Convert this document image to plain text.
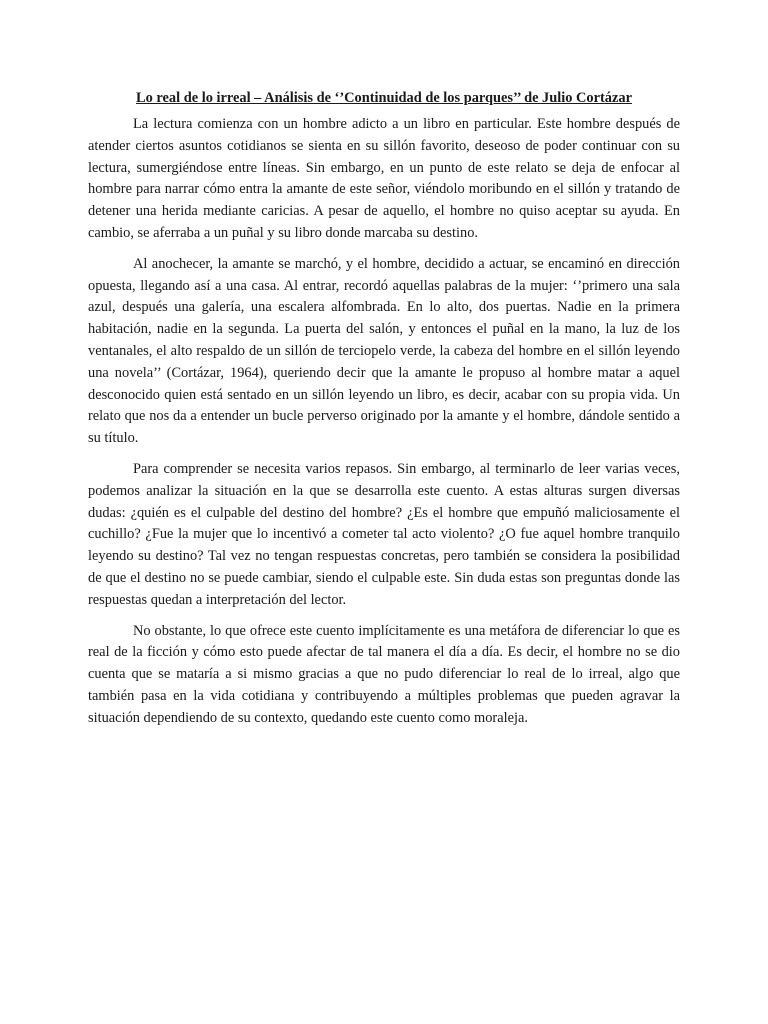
Lo real de lo irreal – Análisis de ‘’Continuidad de los parques’’ de Julio Cortázar

La lectura comienza con un hombre adicto a un libro en particular. Este hombre después de atender ciertos asuntos cotidianos se sienta en su sillón favorito, deseoso de poder continuar con su lectura, sumergiéndose entre líneas. Sin embargo, en un punto de este relato se deja de enfocar al hombre para narrar cómo entra la amante de este señor, viéndolo moribundo en el sillón y tratando de detener una herida mediante caricias. A pesar de aquello, el hombre no quiso aceptar su ayuda. En cambio, se aferraba a un puñal y su libro donde marcaba su destino.

Al anochecer, la amante se marchó, y el hombre, decidido a actuar, se encaminó en dirección opuesta, llegando así a una casa. Al entrar, recordó aquellas palabras de la mujer: ‘’primero una sala azul, después una galería, una escalera alfombrada. En lo alto, dos puertas. Nadie en la primera habitación, nadie en la segunda. La puerta del salón, y entonces el puñal en la mano, la luz de los ventanales, el alto respaldo de un sillón de terciopelo verde, la cabeza del hombre en el sillón leyendo una novela’’ (Cortázar, 1964), queriendo decir que la amante le propuso al hombre matar a aquel desconocido quien está sentado en un sillón leyendo un libro, es decir, acabar con su propia vida. Un relato que nos da a entender un bucle perverso originado por la amante y el hombre, dándole sentido a su título.

Para comprender se necesita varios repasos. Sin embargo, al terminarlo de leer varias veces, podemos analizar la situación en la que se desarrolla este cuento. A estas alturas surgen diversas dudas: ¿quién es el culpable del destino del hombre? ¿Es el hombre que empuñó maliciosamente el cuchillo? ¿Fue la mujer que lo incentivó a cometer tal acto violento? ¿O fue aquel hombre tranquilo leyendo su destino? Tal vez no tengan respuestas concretas, pero también se considera la posibilidad de que el destino no se puede cambiar, siendo el culpable este. Sin duda estas son preguntas donde las respuestas quedan a interpretación del lector.

No obstante, lo que ofrece este cuento implícitamente es una metáfora de diferenciar lo que es real de la ficción y cómo esto puede afectar de tal manera el día a día. Es decir, el hombre no se dio cuenta que se mataría a si mismo gracias a que no pudo diferenciar lo real de lo irreal, algo que también pasa en la vida cotidiana y contribuyendo a múltiples problemas que pueden agravar la situación dependiendo de su contexto, quedando este cuento como moraleja.
